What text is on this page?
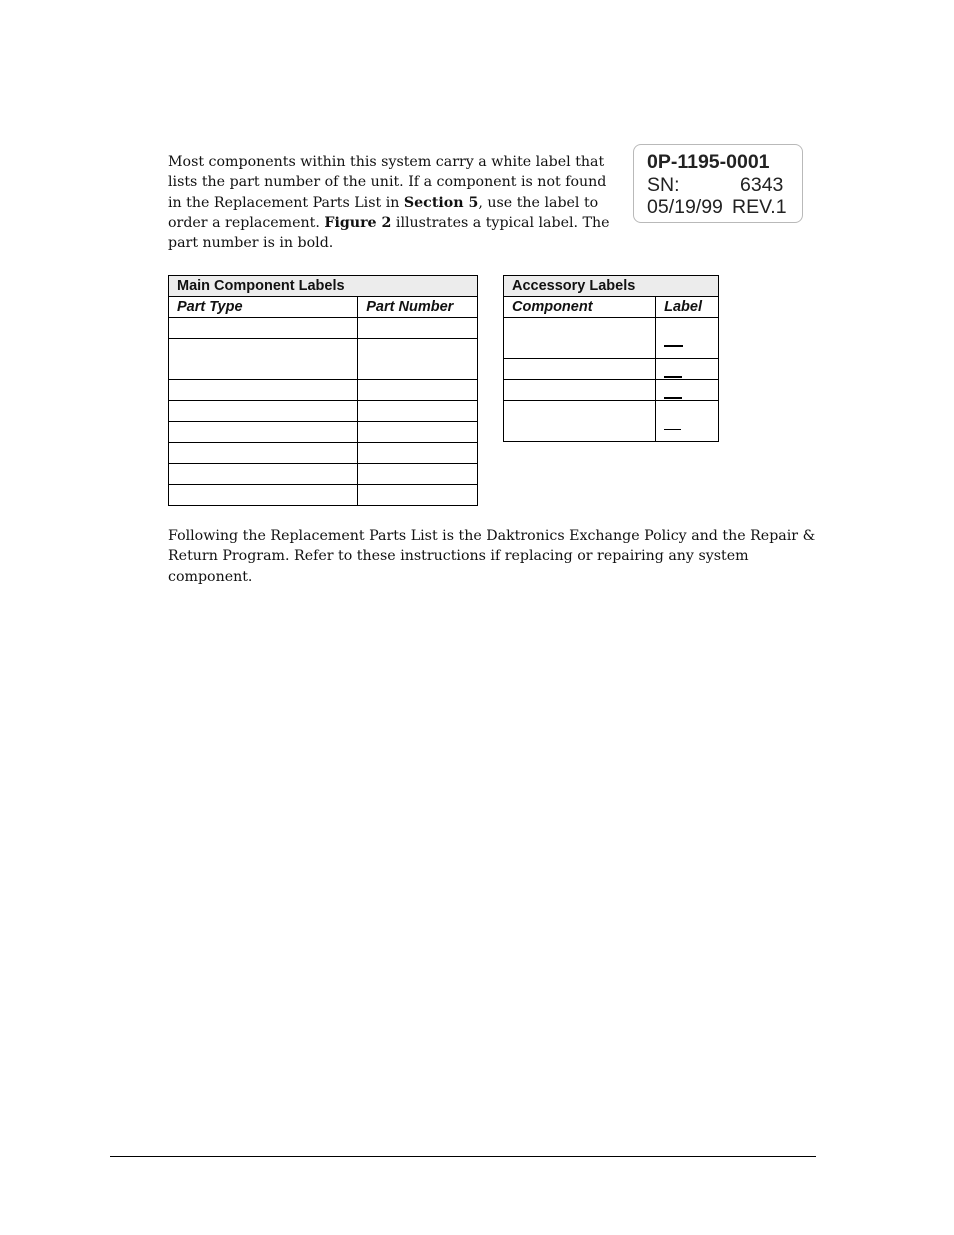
Most components within this system carry a white label that lists the part number of the unit. If a component is not found in the Replacement Parts List in Section 5, use the label to order a replacement. Figure 2 illustrates a typical label. The part number is in bold.

0P-1195-0001
SN:	6343
05/19/99 REV.1
Main Component Labels	
Part Type	Part Number

Accessory Labels	
Component	Label

Following the Replacement Parts List is the Daktronics Exchange Policy and the Repair & Return Program. Refer to these instructions if replacing or repairing any system component.
